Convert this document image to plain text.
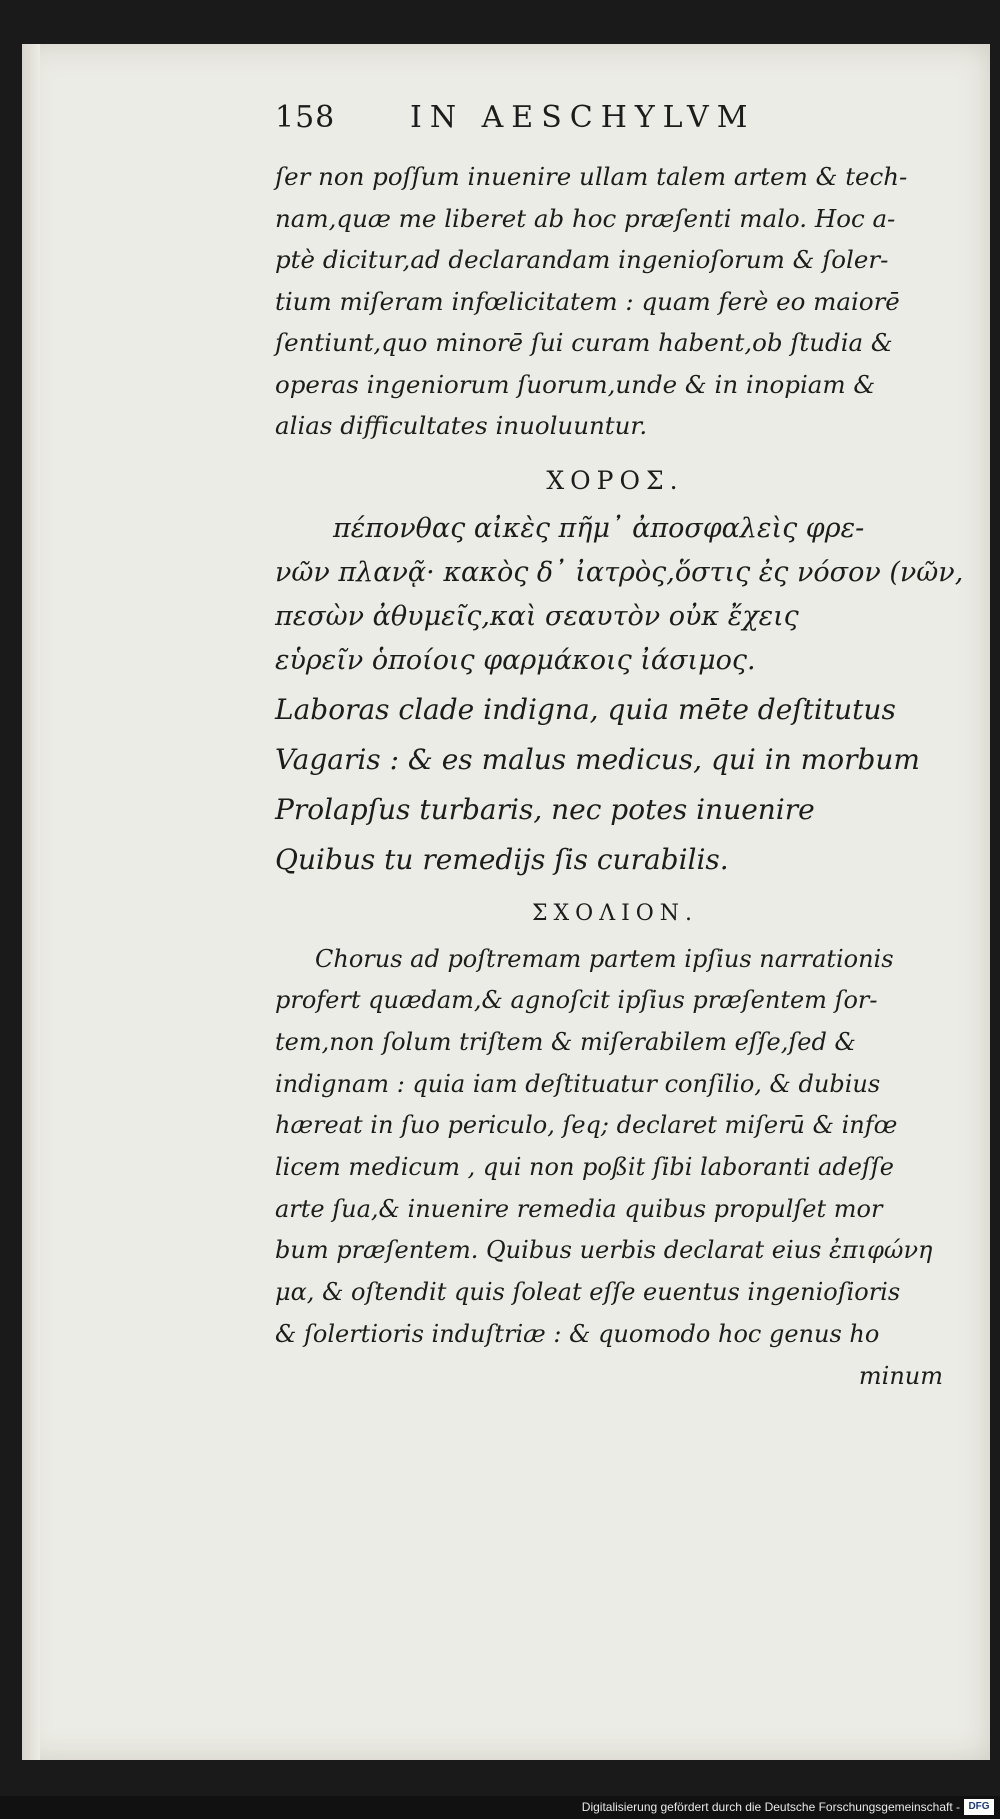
158	IN AESCHYLVM

ſer non poſſum inuenire ullam talem artem & tech-

nam,quæ me liberet ab hoc præſenti malo. Hoc a-

ptè dicitur,ad declarandam ingenioſorum & ſoler-

tium miſeram infœlicitatem : quam ferè eo maiorē

ſentiunt,quo minorē ſui curam habent,ob ſtudia &

operas ingeniorum ſuorum,unde & in inopiam &

alias difficultates inuoluuntur.

ΧΟΡΟΣ.

πέπονθας αἰκὲς πῆμ᾽ ἀποσφαλεὶς φρε-

νῶν πλανᾷ· κακὸς δ᾽ ἰατρὸς,ὅστις ἐς νόσον (νῶν,

πεσὼν ἀθυμεῖς,καὶ σεαυτὸν οὐκ ἔχεις

εὑρεῖν ὁποίοις φαρμάκοις ἰάσιμος.

Laboras clade indigna, quia mēte deſtitutus

Vagaris : & es malus medicus, qui in morbum

Prolapſus turbaris, nec potes inuenire

Quibus tu remedijs ſis curabilis.

ΣΧΟΛΙΟΝ.

Chorus ad poſtremam partem ipſius narrationis

profert quædam,& agnoſcit ipſius præſentem ſor-

tem,non ſolum triſtem & miſerabilem eſſe,ſed &

indignam : quia iam deſtituatur conſilio, & dubius

hæreat in ſuo periculo, ſeq; declaret miſerū & infœ

licem medicum , qui non poßit ſibi laboranti adeſſe

arte ſua,& inuenire remedia quibus propulſet mor

bum præſentem. Quibus uerbis declarat eius ἐπιφώνη

μα, & oſtendit quis ſoleat eſſe euentus ingenioſioris

& ſolertioris induſtriæ : & quomodo hoc genus ho

minum

Digitalisierung gefördert durch die Deutsche Forschungsgemeinschaft - DFG
